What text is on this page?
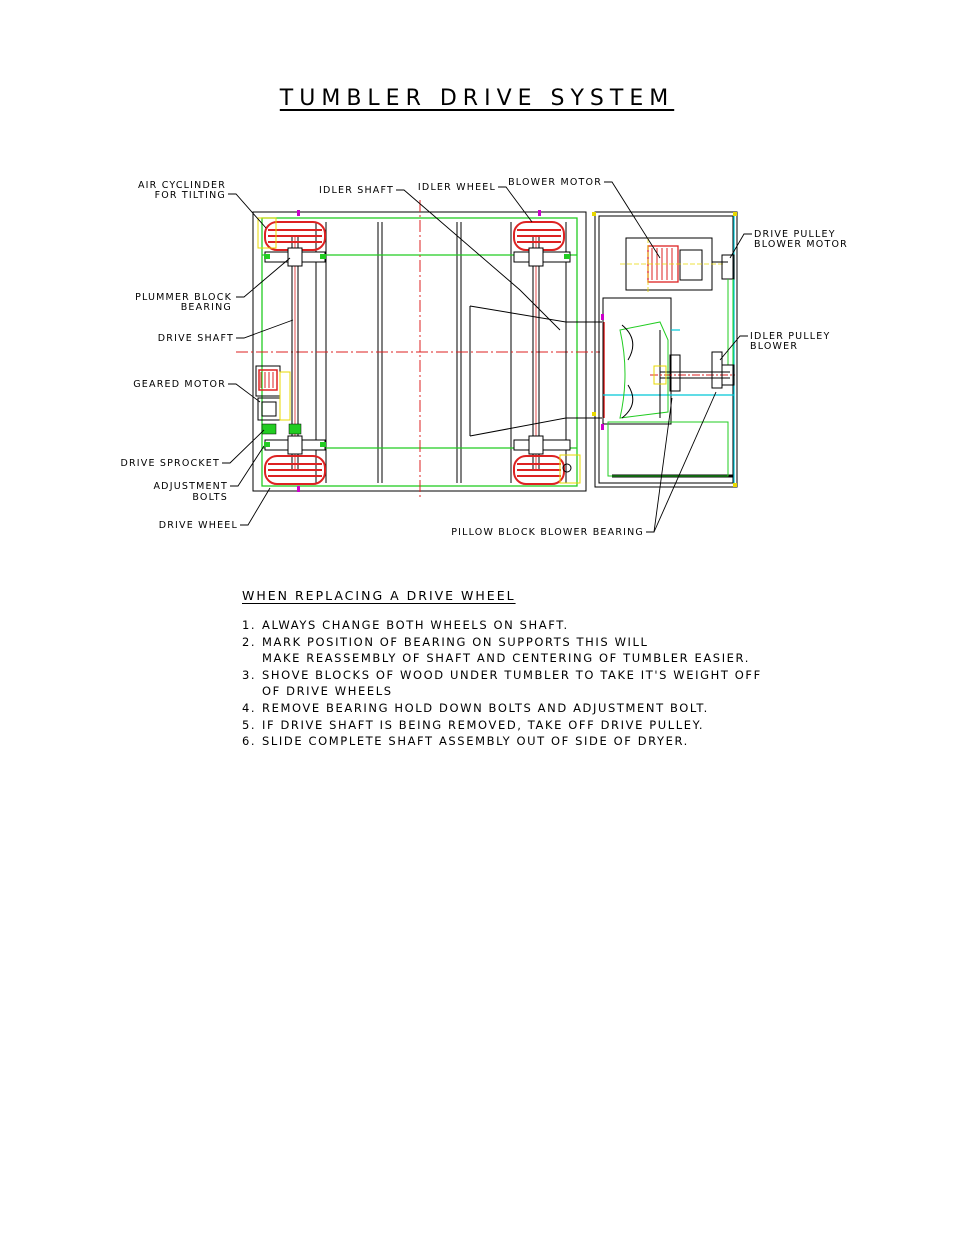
TUMBLER DRIVE SYSTEM
AIR CYCLINDER
FOR TILTING	IDLER SHAFT	IDLER WHEEL BLOWER MOTOR
DRIVE PULLEY
BLOWER MOTOR
PLUMMER BLOCK
BEARING
DRIVE SHAFT	IDLER PULLEY
BLOWER
GEARED MOTOR
DRIVE SPROCKET
ADJUSTMENT
BOLTS
DRIVE WHEEL
PILLOW BLOCK BLOWER BEARING
WHEN REPLACING A DRIVE WHEEL
1. ALWAYS CHANGE BOTH WHEELS ON SHAFT.
2. MARK POSITION OF BEARING ON SUPPORTS THIS WILL
MAKE REASSEMBLY OF SHAFT AND CENTERING OF TUMBLER EASIER.
3. SHOVE BLOCKS OF WOOD UNDER TUMBLER TO TAKE IT'S WEIGHT OFF
OF DRIVE WHEELS
4. REMOVE BEARING HOLD DOWN BOLTS AND ADJUSTMENT BOLT.
5. IF DRIVE SHAFT IS BEING REMOVED, TAKE OFF DRIVE PULLEY.
6. SLIDE COMPLETE SHAFT ASSEMBLY OUT OF SIDE OF DRYER.
